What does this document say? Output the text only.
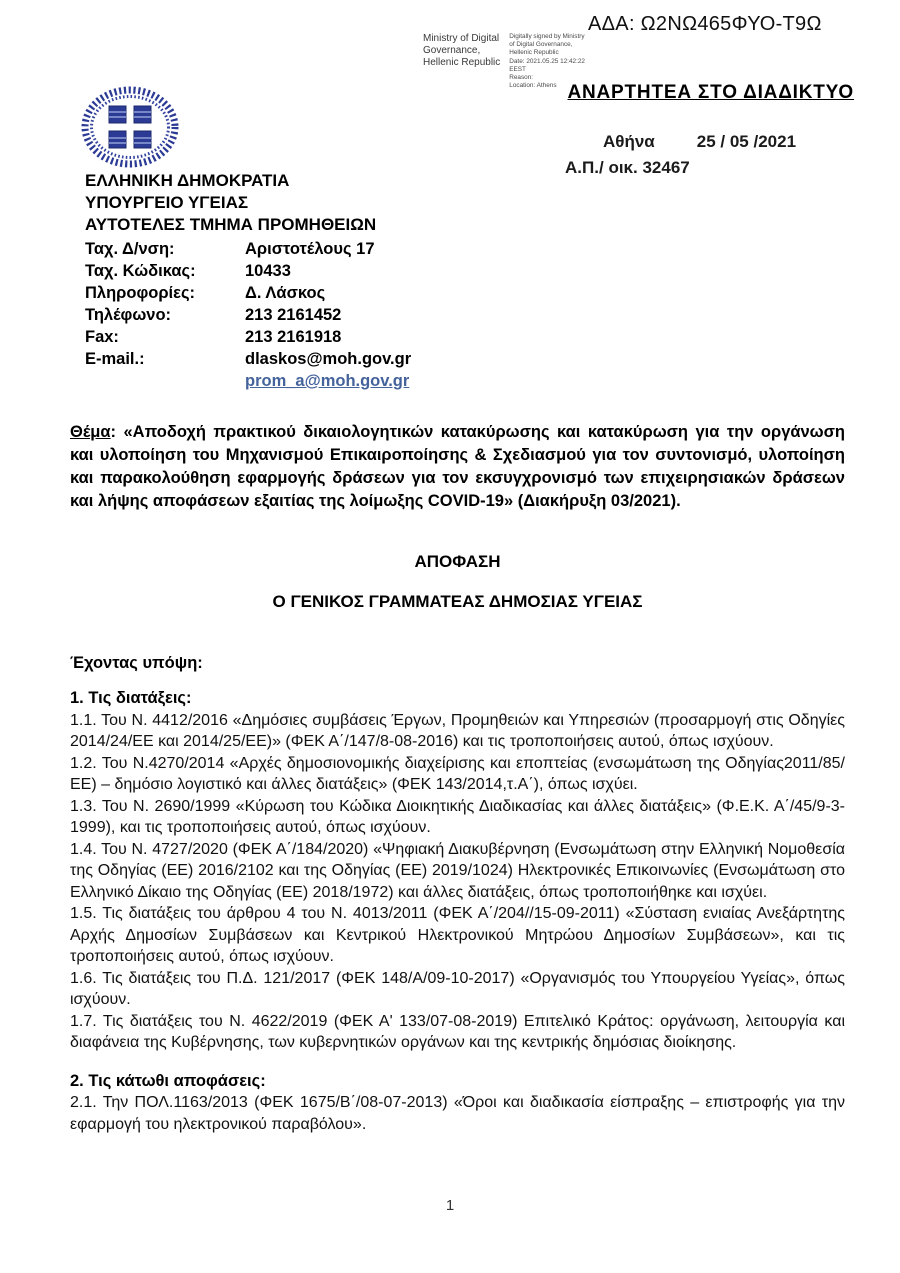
ΑΔΑ: Ω2ΝΩ465ΦΥΟ-Τ9Ω
Ministry of Digital
Governance,
Hellenic Republic
Digitally signed by Ministry
of Digital Governance,
Hellenic Republic
Date: 2021.05.25 12:42:22
EEST
Reason:
Location: Athens ΑΝΑΡΤΗΤΕΑ ΣΤΟ ΔΙΑΔΙΚΤΥΟ
Αθήνα 25 / 05 /2021
Α.Π./ οικ. 32467
ΕΛΛΗΝΙΚΗ ΔΗΜΟΚΡΑΤΙΑ
ΥΠΟΥΡΓΕΙΟ ΥΓΕΙΑΣ
ΑΥΤΟΤΕΛΕΣ ΤΜΗΜΑ ΠΡΟΜΗΘΕΙΩΝ
Ταχ. Δ/νση:	Αριστοτέλους 17
Ταχ. Κώδικας:	10433
Πληροφορίες:	Δ. Λάσκος
Τηλέφωνο:	213 2161452
Fax:	213 2161918
E-mail.:	dlaskos@moh.gov.gr
prom_a@moh.gov.gr

Θέμα: «Αποδοχή πρακτικού δικαιολογητικών κατακύρωσης και κατακύρωση για την οργάνωση και υλοποίηση του Μηχανισμού Επικαιροποίησης & Σχεδιασμού για τον συντονισμό, υλοποίηση και παρακολούθηση εφαρμογής δράσεων για τον εκσυγχρονισμό των επιχειρησιακών δράσεων και λήψης αποφάσεων εξαιτίας της λοίμωξης COVID-19» (Διακήρυξη 03/2021).

ΑΠΟΦΑΣΗ
Ο ΓΕΝΙΚΟΣ ΓΡΑΜΜΑΤΕΑΣ ΔΗΜΟΣΙΑΣ ΥΓΕΙΑΣ
Έχοντας υπόψη:
1. Τις διατάξεις:

1.1. Του Ν. 4412/2016 «Δημόσιες συμβάσεις Έργων, Προμηθειών και Υπηρεσιών (προσαρμογή στις Οδηγίες 2014/24/ΕΕ και 2014/25/ΕΕ)» (ΦΕΚ Α΄/147/8-08-2016) και τις τροποποιήσεις αυτού, όπως ισχύουν.

1.2. Του Ν.4270/2014 «Αρχές δημοσιονομικής διαχείρισης και εποπτείας (ενσωμάτωση της Οδηγίας2011/85/ΕΕ) – δημόσιο λογιστικό και άλλες διατάξεις» (ΦΕΚ 143/2014,τ.Α΄), όπως ισχύει.

1.3. Του Ν. 2690/1999 «Κύρωση του Κώδικα Διοικητικής Διαδικασίας και άλλες διατάξεις» (Φ.Ε.Κ. Α΄/45/9-3-1999), και τις τροποποιήσεις αυτού, όπως ισχύουν.

1.4. Του Ν. 4727/2020 (ΦΕΚ Α΄/184/2020) «Ψηφιακή Διακυβέρνηση (Ενσωμάτωση στην Ελληνική Νομοθεσία της Οδηγίας (ΕΕ) 2016/2102 και της Οδηγίας (ΕΕ) 2019/1024) Ηλεκτρονικές Επικοινωνίες (Ενσωμάτωση στο Ελληνικό Δίκαιο της Οδηγίας (ΕΕ) 2018/1972) και άλλες διατάξεις, όπως τροποποιήθηκε και ισχύει.

1.5. Τις διατάξεις του άρθρου 4 του Ν. 4013/2011 (ΦΕΚ Α΄/204//15-09-2011) «Σύσταση ενιαίας Ανεξάρτητης Αρχής Δημοσίων Συμβάσεων και Κεντρικού Ηλεκτρονικού Μητρώου Δημοσίων Συμβάσεων», και τις τροποποιήσεις αυτού, όπως ισχύουν.

1.6. Τις διατάξεις του Π.Δ. 121/2017 (ΦΕΚ 148/Α/09-10-2017) «Οργανισμός του Υπουργείου Υγείας», όπως ισχύουν.

1.7. Τις διατάξεις του Ν. 4622/2019 (ΦΕΚ Α' 133/07-08-2019) Επιτελικό Κράτος: οργάνωση, λειτουργία και διαφάνεια της Κυβέρνησης, των κυβερνητικών οργάνων και της κεντρικής δημόσιας διοίκησης.

2. Τις κάτωθι αποφάσεις:

2.1. Την ΠΟΛ.1163/2013 (ΦΕΚ 1675/Β΄/08-07-2013) «Όροι και διαδικασία είσπραξης – επιστροφής για την εφαρμογή του ηλεκτρονικού παραβόλου».

1
